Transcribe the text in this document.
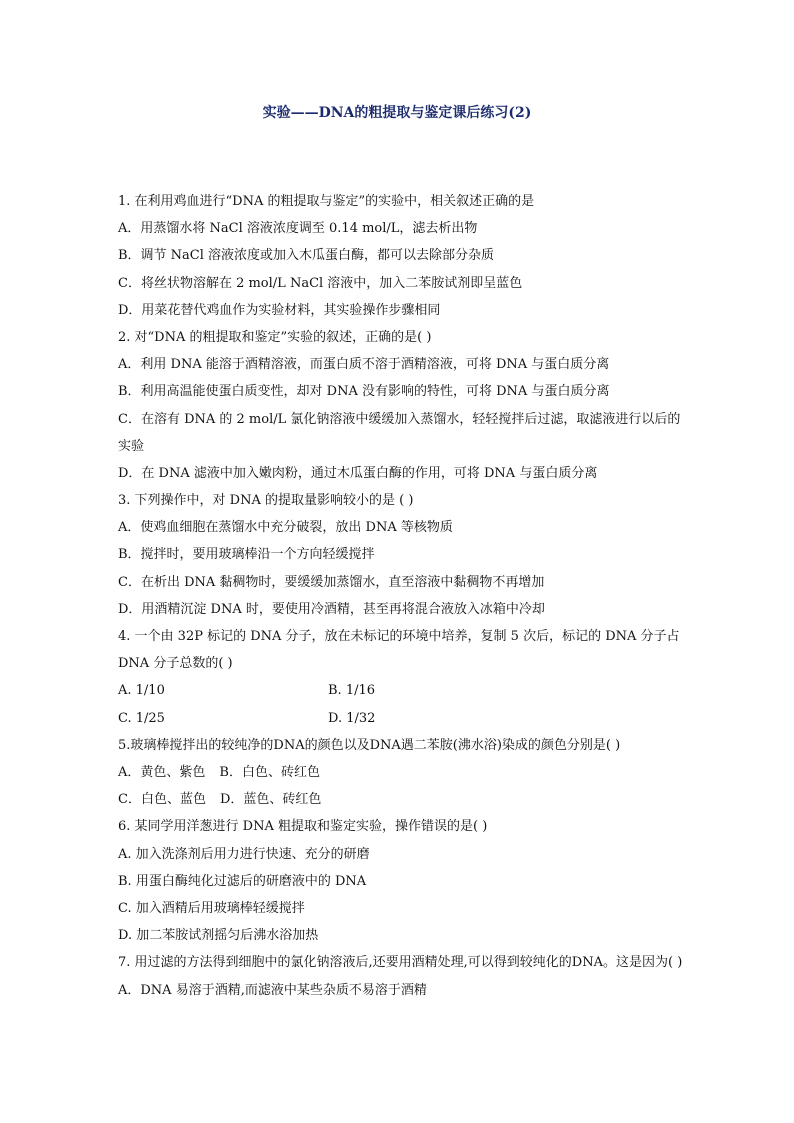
实验——DNA的粗提取与鉴定课后练习(2)
1. 在利用鸡血进行“DNA 的粗提取与鉴定”的实验中，相关叙述正确的是
A．用蒸馏水将 NaCl 溶液浓度调至 0.14 mol/L，滤去析出物
B．调节 NaCl 溶液浓度或加入木瓜蛋白酶，都可以去除部分杂质
C．将丝状物溶解在 2 mol/L NaCl 溶液中，加入二苯胺试剂即呈蓝色
D．用菜花替代鸡血作为实验材料，其实验操作步骤相同
2. 对“DNA 的粗提取和鉴定”实验的叙述，正确的是( )
A．利用 DNA 能溶于酒精溶液，而蛋白质不溶于酒精溶液，可将 DNA 与蛋白质分离
B．利用高温能使蛋白质变性，却对 DNA 没有影响的特性，可将 DNA 与蛋白质分离
C．在溶有 DNA 的 2 mol/L 氯化钠溶液中缓缓加入蒸馏水，轻轻搅拌后过滤，取滤液进行以后的实验
D．在 DNA 滤液中加入嫩肉粉，通过木瓜蛋白酶的作用，可将 DNA 与蛋白质分离
3. 下列操作中，对 DNA 的提取量影响较小的是 ( )
A．使鸡血细胞在蒸馏水中充分破裂，放出 DNA 等核物质
B．搅拌时，要用玻璃棒沿一个方向轻缓搅拌
C．在析出 DNA 黏稠物时，要缓缓加蒸馏水，直至溶液中黏稠物不再增加
D．用酒精沉淀 DNA 时，要使用冷酒精，甚至再将混合液放入冰箱中冷却
4. 一个由 32P 标记的 DNA 分子，放在未标记的环境中培养，复制 5 次后，标记的 DNA 分子占 DNA 分子总数的( )
A. 1/10	B. 1/16
C. 1/25	D. 1/32
5.玻璃棒搅拌出的较纯净的DNA的颜色以及DNA遇二苯胺(沸水浴)染成的颜色分别是( )
A．黄色、紫色 B．白色、砖红色
C．白色、蓝色 D．蓝色、砖红色
6. 某同学用洋葱进行 DNA 粗提取和鉴定实验，操作错误的是( )
A. 加入洗涤剂后用力进行快速、充分的研磨
B. 用蛋白酶纯化过滤后的研磨液中的 DNA
C. 加入酒精后用玻璃棒轻缓搅拌
D. 加二苯胺试剂摇匀后沸水浴加热
7. 用过滤的方法得到细胞中的氯化钠溶液后,还要用酒精处理,可以得到较纯化的DNA。这是因为( )
A．DNA 易溶于酒精,而滤液中某些杂质不易溶于酒精
